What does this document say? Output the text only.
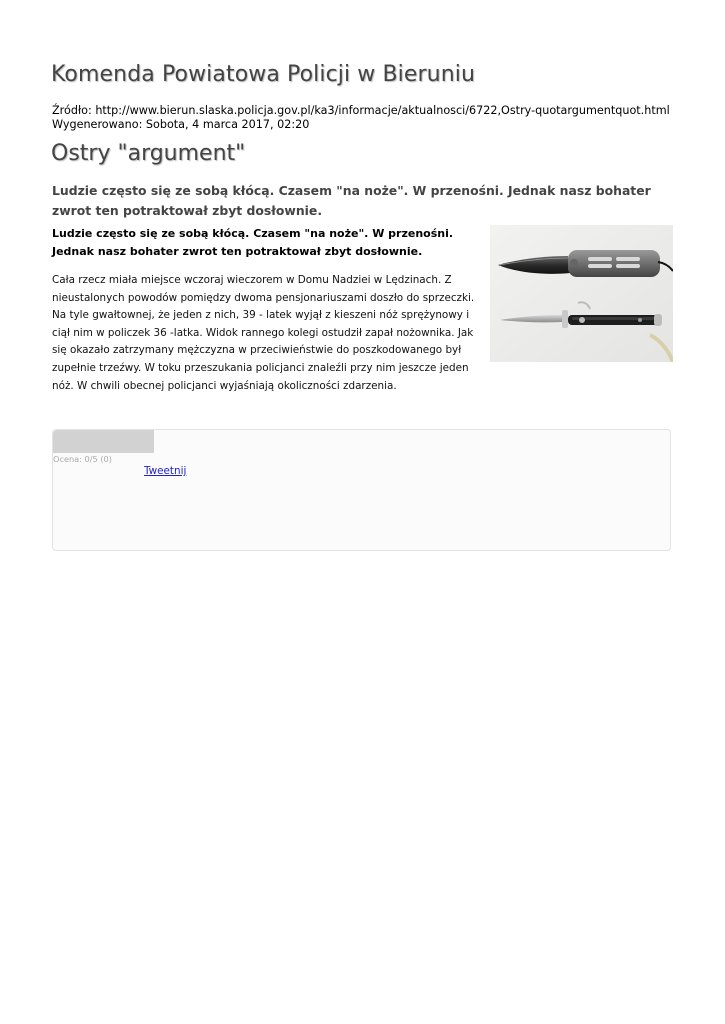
Komenda Powiatowa Policji w Bieruniu
Źródło: http://www.bierun.slaska.policja.gov.pl/ka3/informacje/aktualnosci/6722,Ostry-quotargumentquot.html
Wygenerowano: Sobota, 4 marca 2017, 02:20
Ostry "argument"

Ludzie często się ze sobą kłócą. Czasem "na noże". W przenośni. Jednak nasz bohater zwrot ten potraktował zbyt dosłownie.

Ludzie często się ze sobą kłócą. Czasem "na noże". W przenośni. Jednak nasz bohater zwrot ten potraktował zbyt dosłownie.

Cała rzecz miała miejsce wczoraj wieczorem w Domu Nadziei w Lędzinach. Z nieustalonych powodów pomiędzy dwoma pensjonariuszami doszło do sprzeczki. Na tyle gwałtownej, że jeden z nich, 39 - latek wyjął z kieszeni nóż sprężynowy i ciął nim w policzek 36 -latka. Widok rannego kolegi ostudził zapał nożownika. Jak się okazało zatrzymany mężczyzna w przeciwieństwie do poszkodowanego był zupełnie trzeźwy. W toku przeszukania policjanci znaleźli przy nim jeszcze jeden nóż. W chwili obecnej policjanci wyjaśniają okoliczności zdarzenia.

Ocena: 0/5 (0)
Tweetnij
